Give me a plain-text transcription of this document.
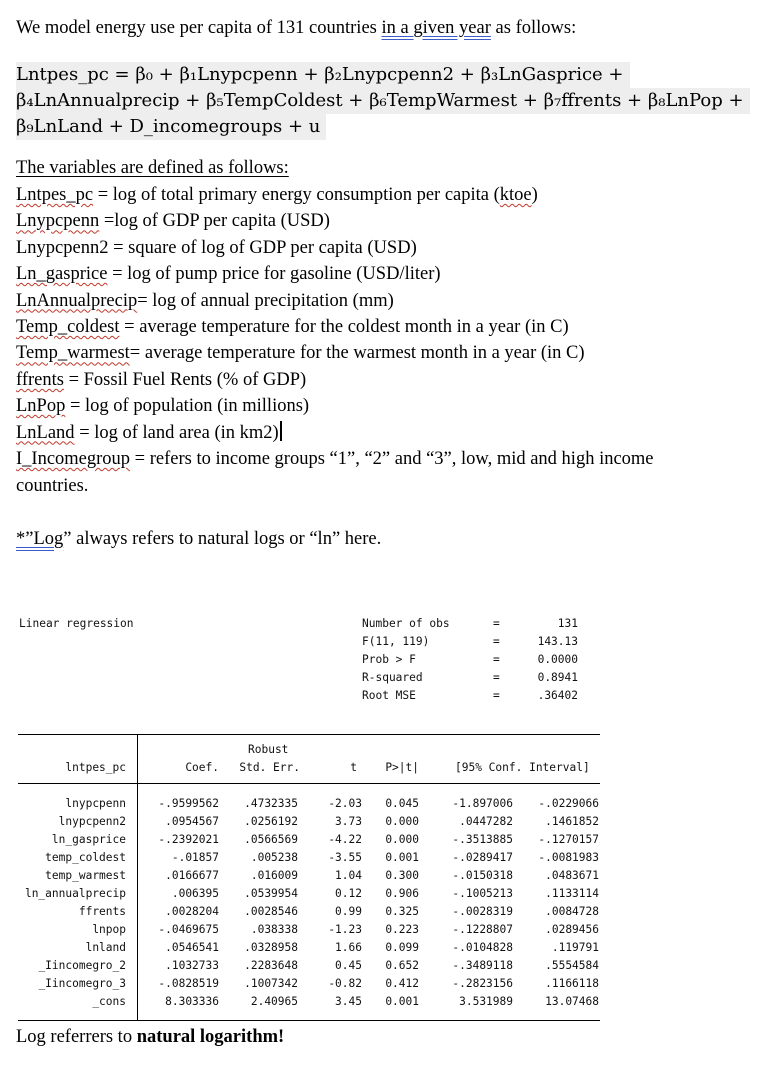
We model energy use per capita of 131 countries in a given year as follows:
Lntpes_pc = β₀ + β₁Lnypcpenn + β₂Lnypcpenn2 + β₃LnGasprice +
β₄LnAnnualprecip + β₅TempColdest + β₆TempWarmest + β₇ffrents + β₈LnPop +
β₉LnLand + D_incomegroups + u
The variables are defined as follows:
Lntpes_pc = log of total primary energy consumption per capita (ktoe)
Lnypcpenn =log of GDP per capita (USD)
Lnypcpenn2 = square of log of GDP per capita (USD)
Ln_gasprice = log of pump price for gasoline (USD/liter)
LnAnnualprecip= log of annual precipitation (mm)
Temp_coldest = average temperature for the coldest month in a year (in C)
Temp_warmest= average temperature for the warmest month in a year (in C)
ffrents = Fossil Fuel Rents (% of GDP)
LnPop = log of population (in millions)
LnLand = log of land area (in km2)
I_Incomegroup = refers to income groups “1”, “2” and “3”, low, mid and high income
countries.
*”Log” always refers to natural logs or “ln” here.
Linear regression	Number of obs	=	131
F(11, 119)	=	143.13
Prob > F	=	0.0000
R-squared	=	0.8941
Root MSE	=	.36402
Robust
lntpes_pc	Coef.	Std. Err.	t	P>|t|	[95% Conf. Interval]
lnypcpenn	-.9599562	.4732335	-2.03	0.045	-1.897006	-.0229066
lnypcpenn2	.0954567	.0256192	3.73	0.000	.0447282	.1461852
ln_gasprice	-.2392021	.0566569	-4.22	0.000	-.3513885	-.1270157
temp_coldest	-.01857	.005238	-3.55	0.001	-.0289417	-.0081983
temp_warmest	.0166677	.016009	1.04	0.300	-.0150318	.0483671
ln_annualprecip	.006395	.0539954	0.12	0.906	-.1005213	.1133114
ffrents	.0028204	.0028546	0.99	0.325	-.0028319	.0084728
lnpop	-.0469675	.038338	-1.23	0.223	-.1228807	.0289456
lnland	.0546541	.0328958	1.66	0.099	-.0104828	.119791
_Iincomegro_2	.1032733	.2283648	0.45	0.652	-.3489118	.5554584
_Iincomegro_3	-.0828519	.1007342	-0.82	0.412	-.2823156	.1166118
_cons	8.303336	2.40965	3.45	0.001	3.531989	13.07468
Log referrers to natural logarithm!
